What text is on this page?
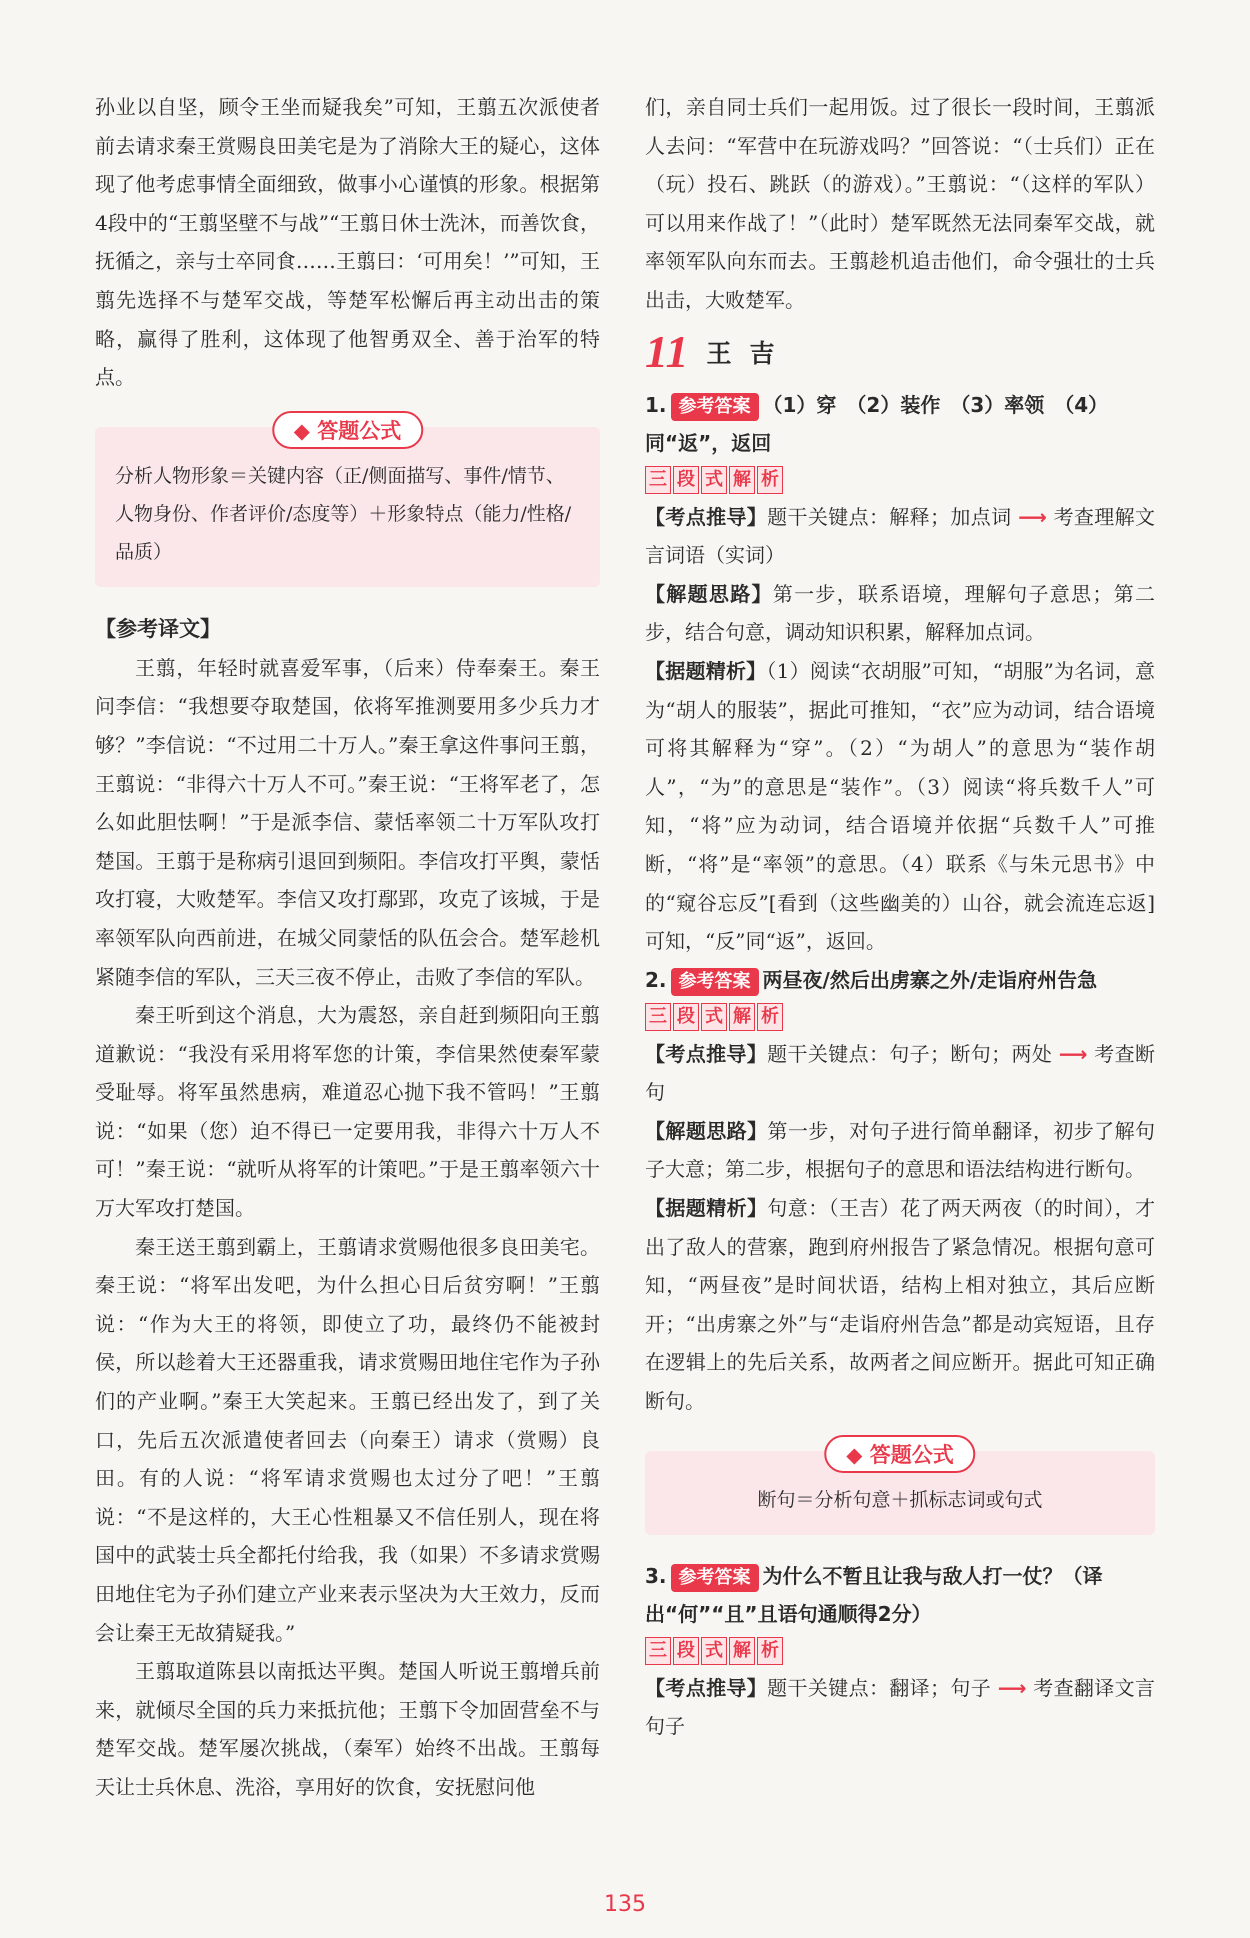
孙业以自坚，顾令王坐而疑我矣”可知，王翦五次派使者前去请求秦王赏赐良田美宅是为了消除大王的疑心，这体现了他考虑事情全面细致，做事小心谨慎的形象。根据第4段中的“王翦坚壁不与战”“王翦日休士洗沐，而善饮食，抚循之，亲与士卒同食……王翦曰：‘可用矣！’”可知，王翦先选择不与楚军交战，等楚军松懈后再主动出击的策略，赢得了胜利，这体现了他智勇双全、善于治军的特点。

◆ 答题公式
分析人物形象＝关键内容（正/侧面描写、事件/情节、人物身份、作者评价/态度等）＋形象特点（能力/性格/品质）
【参考译文】

王翦，年轻时就喜爱军事，（后来）侍奉秦王。秦王问李信：“我想要夺取楚国，依将军推测要用多少兵力才够？”李信说：“不过用二十万人。”秦王拿这件事问王翦，王翦说：“非得六十万人不可。”秦王说：“王将军老了，怎么如此胆怯啊！”于是派李信、蒙恬率领二十万军队攻打楚国。王翦于是称病引退回到频阳。李信攻打平舆，蒙恬攻打寝，大败楚军。李信又攻打鄢郢，攻克了该城，于是率领军队向西前进，在城父同蒙恬的队伍会合。楚军趁机紧随李信的军队，三天三夜不停止，击败了李信的军队。

秦王听到这个消息，大为震怒，亲自赶到频阳向王翦道歉说：“我没有采用将军您的计策，李信果然使秦军蒙受耻辱。将军虽然患病，难道忍心抛下我不管吗！”王翦说：“如果（您）迫不得已一定要用我，非得六十万人不可！”秦王说：“就听从将军的计策吧。”于是王翦率领六十万大军攻打楚国。

秦王送王翦到霸上，王翦请求赏赐他很多良田美宅。秦王说：“将军出发吧，为什么担心日后贫穷啊！”王翦说：“作为大王的将领，即使立了功，最终仍不能被封侯，所以趁着大王还器重我，请求赏赐田地住宅作为子孙们的产业啊。”秦王大笑起来。王翦已经出发了，到了关口，先后五次派遣使者回去（向秦王）请求（赏赐）良田。有的人说：“将军请求赏赐也太过分了吧！”王翦说：“不是这样的，大王心性粗暴又不信任别人，现在将国中的武装士兵全都托付给我，我（如果）不多请求赏赐田地住宅为子孙们建立产业来表示坚决为大王效力，反而会让秦王无故猜疑我。”

王翦取道陈县以南抵达平舆。楚国人听说王翦增兵前来，就倾尽全国的兵力来抵抗他；王翦下令加固营垒不与楚军交战。楚军屡次挑战，（秦军）始终不出战。王翦每天让士兵休息、洗浴，享用好的饮食，安抚慰问他

们，亲自同士兵们一起用饭。过了很长一段时间，王翦派人去问：“军营中在玩游戏吗？”回答说：“（士兵们）正在（玩）投石、跳跃（的游戏）。”王翦说：“（这样的军队）可以用来作战了！”（此时）楚军既然无法同秦军交战，就率领军队向东而去。王翦趁机追击他们，命令强壮的士兵出击，大败楚军。

11 王吉
1. 参考答案 （1）穿　（2）装作　（3）率领　（4）同“返”，返回
三 段 式 解 析

【考点推导】题干关键点：解释；加点词 ⟶ 考查理解文言词语（实词）

【解题思路】第一步，联系语境，理解句子意思；第二步，结合句意，调动知识积累，解释加点词。

【据题精析】（1）阅读“衣胡服”可知，“胡服”为名词，意为“胡人的服装”，据此可推知，“衣”应为动词，结合语境可将其解释为“穿”。（2）“为胡人”的意思为“装作胡人”，“为”的意思是“装作”。（3）阅读“将兵数千人”可知，“将”应为动词，结合语境并依据“兵数千人”可推断，“将”是“率领”的意思。（4）联系《与朱元思书》中的“窥谷忘反”[看到（这些幽美的）山谷，就会流连忘返]可知，“反”同“返”，返回。

2. 参考答案 两昼夜/然后出虏寨之外/走诣府州告急
三 段 式 解 析

【考点推导】题干关键点：句子；断句；两处 ⟶ 考查断句

【解题思路】第一步，对句子进行简单翻译，初步了解句子大意；第二步，根据句子的意思和语法结构进行断句。

【据题精析】句意：（王吉）花了两天两夜（的时间），才出了敌人的营寨，跑到府州报告了紧急情况。根据句意可知，“两昼夜”是时间状语，结构上相对独立，其后应断开；“出虏寨之外”与“走诣府州告急”都是动宾短语，且存在逻辑上的先后关系，故两者之间应断开。据此可知正确断句。

◆ 答题公式
断句＝分析句意＋抓标志词或句式
3. 参考答案 为什么不暂且让我与敌人打一仗？（译出“何”“且”且语句通顺得2分）
三 段 式 解 析

【考点推导】题干关键点：翻译；句子 ⟶ 考查翻译文言句子

135
